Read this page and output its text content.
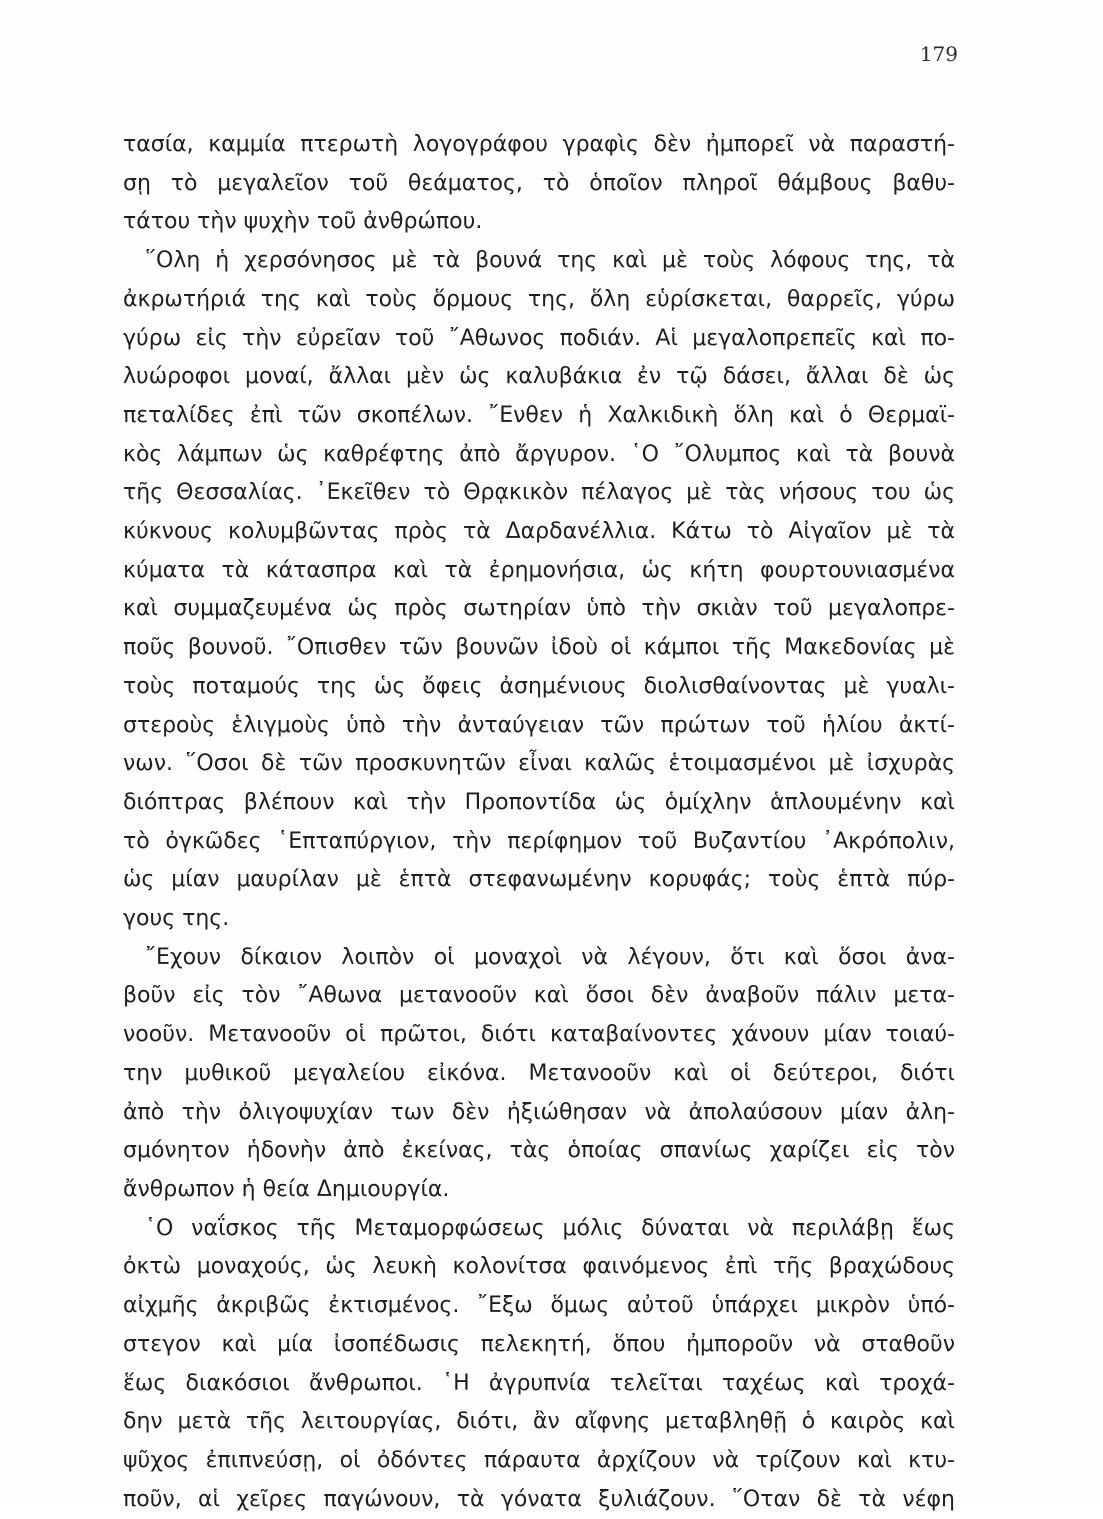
179
τασία, καμμία πτερωτὴ λογογράφου γραφὶς δὲν ἠμπορεῖ νὰ παραστή-
σῃ τὸ μεγαλεῖον τοῦ θεάματος, τὸ ὁποῖον πληροῖ θάμβους βαθυ-
τάτου τὴν ψυχὴν τοῦ ἀνθρώπου.
῞Ολη ἡ χερσόνησος μὲ τὰ βουνά της καὶ μὲ τοὺς λόφους της, τὰ
ἀκρωτήριά της καὶ τοὺς ὅρμους της, ὅλη εὑρίσκεται, θαρρεῖς, γύρω
γύρω εἰς τὴν εὐρεῖαν τοῦ ῎Αθωνος ποδιάν. Αἱ μεγαλοπρεπεῖς καὶ πο-
λυώροφοι μοναί, ἄλλαι μὲν ὡς καλυβάκια ἐν τῷ δάσει, ἄλλαι δὲ ὡς
πεταλίδες ἐπὶ τῶν σκοπέλων. ῎Ενθεν ἡ Χαλκιδικὴ ὅλη καὶ ὁ Θερμαϊ-
κὸς λάμπων ὡς καθρέφτης ἀπὸ ἄργυρον. ῾Ο ῎Ολυμπος καὶ τὰ βουνὰ
τῆς Θεσσαλίας. ᾿Εκεῖθεν τὸ Θρᾳκικὸν πέλαγος μὲ τὰς νήσους του ὡς
κύκνους κολυμβῶντας πρὸς τὰ Δαρδανέλλια. Κάτω τὸ Αἰγαῖον μὲ τὰ
κύματα τὰ κάτασπρα καὶ τὰ ἐρημονήσια, ὡς κήτη φουρτουνιασμένα
καὶ συμμαζευμένα ὡς πρὸς σωτηρίαν ὑπὸ τὴν σκιὰν τοῦ μεγαλοπρε-
ποῦς βουνοῦ. ῎Οπισθεν τῶν βουνῶν ἰδοὺ οἱ κάμποι τῆς Μακεδονίας μὲ
τοὺς ποταμούς της ὡς ὄφεις ἀσημένιους διολισθαίνοντας μὲ γυαλι-
στεροὺς ἑλιγμοὺς ὑπὸ τὴν ἀνταύγειαν τῶν πρώτων τοῦ ἡλίου ἀκτί-
νων. ῞Οσοι δὲ τῶν προσκυνητῶν εἶναι καλῶς ἑτοιμασμένοι μὲ ἰσχυρὰς
διόπτρας βλέπουν καὶ τὴν Προποντίδα ὡς ὁμίχλην ἁπλουμένην καὶ
τὸ ὀγκῶδες ῾Επταπύργιον, τὴν περίφημον τοῦ Βυζαντίου ᾿Ακρόπολιν,
ὡς μίαν μαυρίλαν μὲ ἑπτὰ στεφανωμένην κορυφάς; τοὺς ἑπτὰ πύρ-
γους της.
῎Εχουν δίκαιον λοιπὸν οἱ μοναχοὶ νὰ λέγουν, ὅτι καὶ ὅσοι ἀνα-
βοῦν εἰς τὸν ῎Αθωνα μετανοοῦν καὶ ὅσοι δὲν ἀναβοῦν πάλιν μετα-
νοοῦν. Μετανοοῦν οἱ πρῶτοι, διότι καταβαίνοντες χάνουν μίαν τοιαύ-
την μυθικοῦ μεγαλείου εἰκόνα. Μετανοοῦν καὶ οἱ δεύτεροι, διότι
ἀπὸ τὴν ὀλιγοψυχίαν των δὲν ἠξιώθησαν νὰ ἀπολαύσουν μίαν ἀλη-
σμόνητον ἡδονὴν ἀπὸ ἐκείνας, τὰς ὁποίας σπανίως χαρίζει εἰς τὸν
ἄνθρωπον ἡ θεία Δημιουργία.
῾Ο ναΐσκος τῆς Μεταμορφώσεως μόλις δύναται νὰ περιλάβῃ ἕως
ὀκτὼ μοναχούς, ὡς λευκὴ κολονίτσα φαινόμενος ἐπὶ τῆς βραχώδους
αἰχμῆς ἀκριβῶς ἐκτισμένος. ῎Εξω ὅμως αὐτοῦ ὑπάρχει μικρὸν ὑπό-
στεγον καὶ μία ἰσοπέδωσις πελεκητή, ὅπου ἠμποροῦν νὰ σταθοῦν
ἕως διακόσιοι ἄνθρωποι. ῾Η ἀγρυπνία τελεῖται ταχέως καὶ τροχά-
δην μετὰ τῆς λειτουργίας, διότι, ἂν αἴφνης μεταβληθῇ ὁ καιρὸς καὶ
ψῦχος ἐπιπνεύσῃ, οἱ ὀδόντες πάραυτα ἀρχίζουν νὰ τρίζουν καὶ κτυ-
ποῦν, αἱ χεῖρες παγώνουν, τὰ γόνατα ξυλιάζουν. ῞Οταν δὲ τὰ νέφη
